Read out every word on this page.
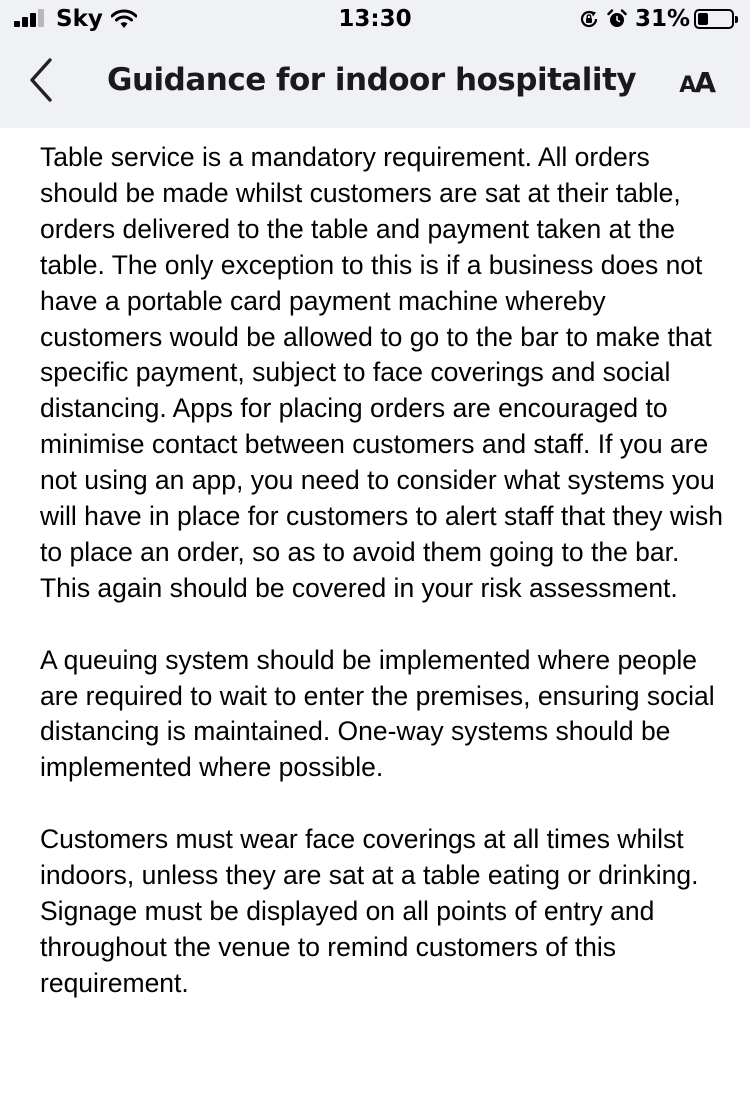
Sky	13:30	31%
Guidance for indoor hospitality AA

Table service is a mandatory requirement. All orders should be made whilst customers are sat at their table, orders delivered to the table and payment taken at the table. The only exception to this is if a business does not have a portable card payment machine whereby customers would be allowed to go to the bar to make that specific payment, subject to face coverings and social distancing. Apps for placing orders are encouraged to minimise contact between customers and staff. If you are not using an app, you need to consider what systems you will have in place for customers to alert staff that they wish to place an order, so as to avoid them going to the bar. This again should be covered in your risk assessment.

A queuing system should be implemented where people are required to wait to enter the premises, ensuring social distancing is maintained. One-way systems should be implemented where possible.

Customers must wear face coverings at all times whilst indoors, unless they are sat at a table eating or drinking. Signage must be displayed on all points of entry and throughout the venue to remind customers of this requirement.
